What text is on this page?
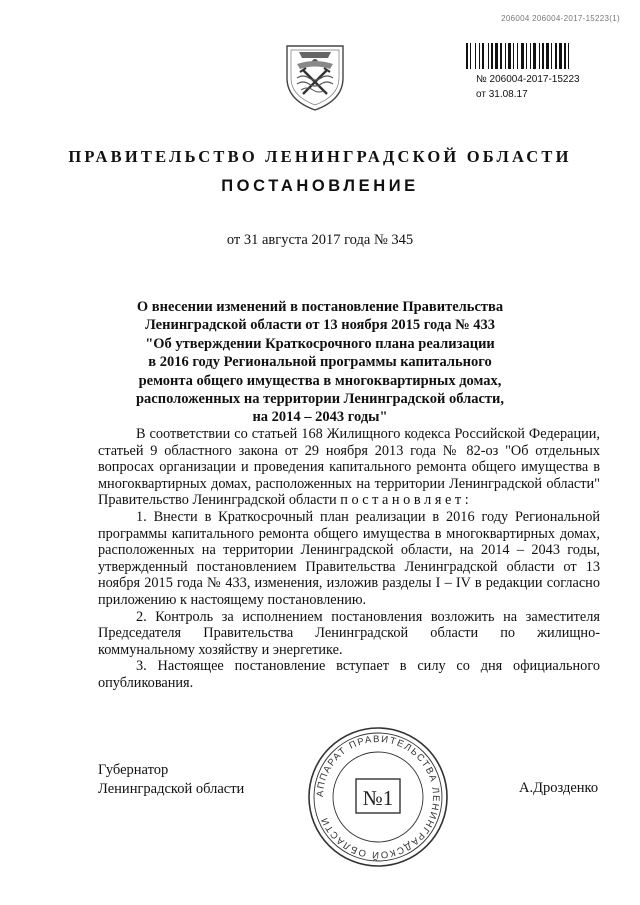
206004 206004-2017-15223(1)
№ 206004-2017-15223
от 31.08.17
ПРАВИТЕЛЬСТВО ЛЕНИНГРАДСКОЙ ОБЛАСТИ
ПОСТАНОВЛЕНИЕ
от 31 августа 2017 года № 345
О внесении изменений в постановление Правительства
Ленинградской области от 13 ноября 2015 года № 433
"Об утверждении Краткосрочного плана реализации
в 2016 году Региональной программы капитального
ремонта общего имущества в многоквартирных домах,
расположенных на территории Ленинградской области,
на 2014 – 2043 годы"

В соответствии со статьей 168 Жилищного кодекса Российской Федерации, статьей 9 областного закона от 29 ноября 2013 года № 82-оз "Об отдельных вопросах организации и проведения капитального ремонта общего имущества в многоквартирных домах, расположенных на территории Ленинградской области" Правительство Ленинградской области п о с т а н о в л я е т :

1. Внести в Краткосрочный план реализации в 2016 году Региональной программы капитального ремонта общего имущества в многоквартирных домах, расположенных на территории Ленинградской области, на 2014 – 2043 годы, утвержденный постановлением Правительства Ленинградской области от 13 ноября 2015 года № 433, изменения, изложив разделы I – IV в редакции согласно приложению к настоящему постановлению.

2. Контроль за исполнением постановления возложить на заместителя Председателя Правительства Ленинградской области по жилищно-коммунальному хозяйству и энергетике.

3. Настоящее постановление вступает в силу со дня официального опубликования.

Губернатор
Ленинградской области	А.Дрозденко
АППАРАТ ПРАВИТЕЛЬСТВА ЛЕНИНГРАДСКОЙ ОБЛАСТИ
№1
